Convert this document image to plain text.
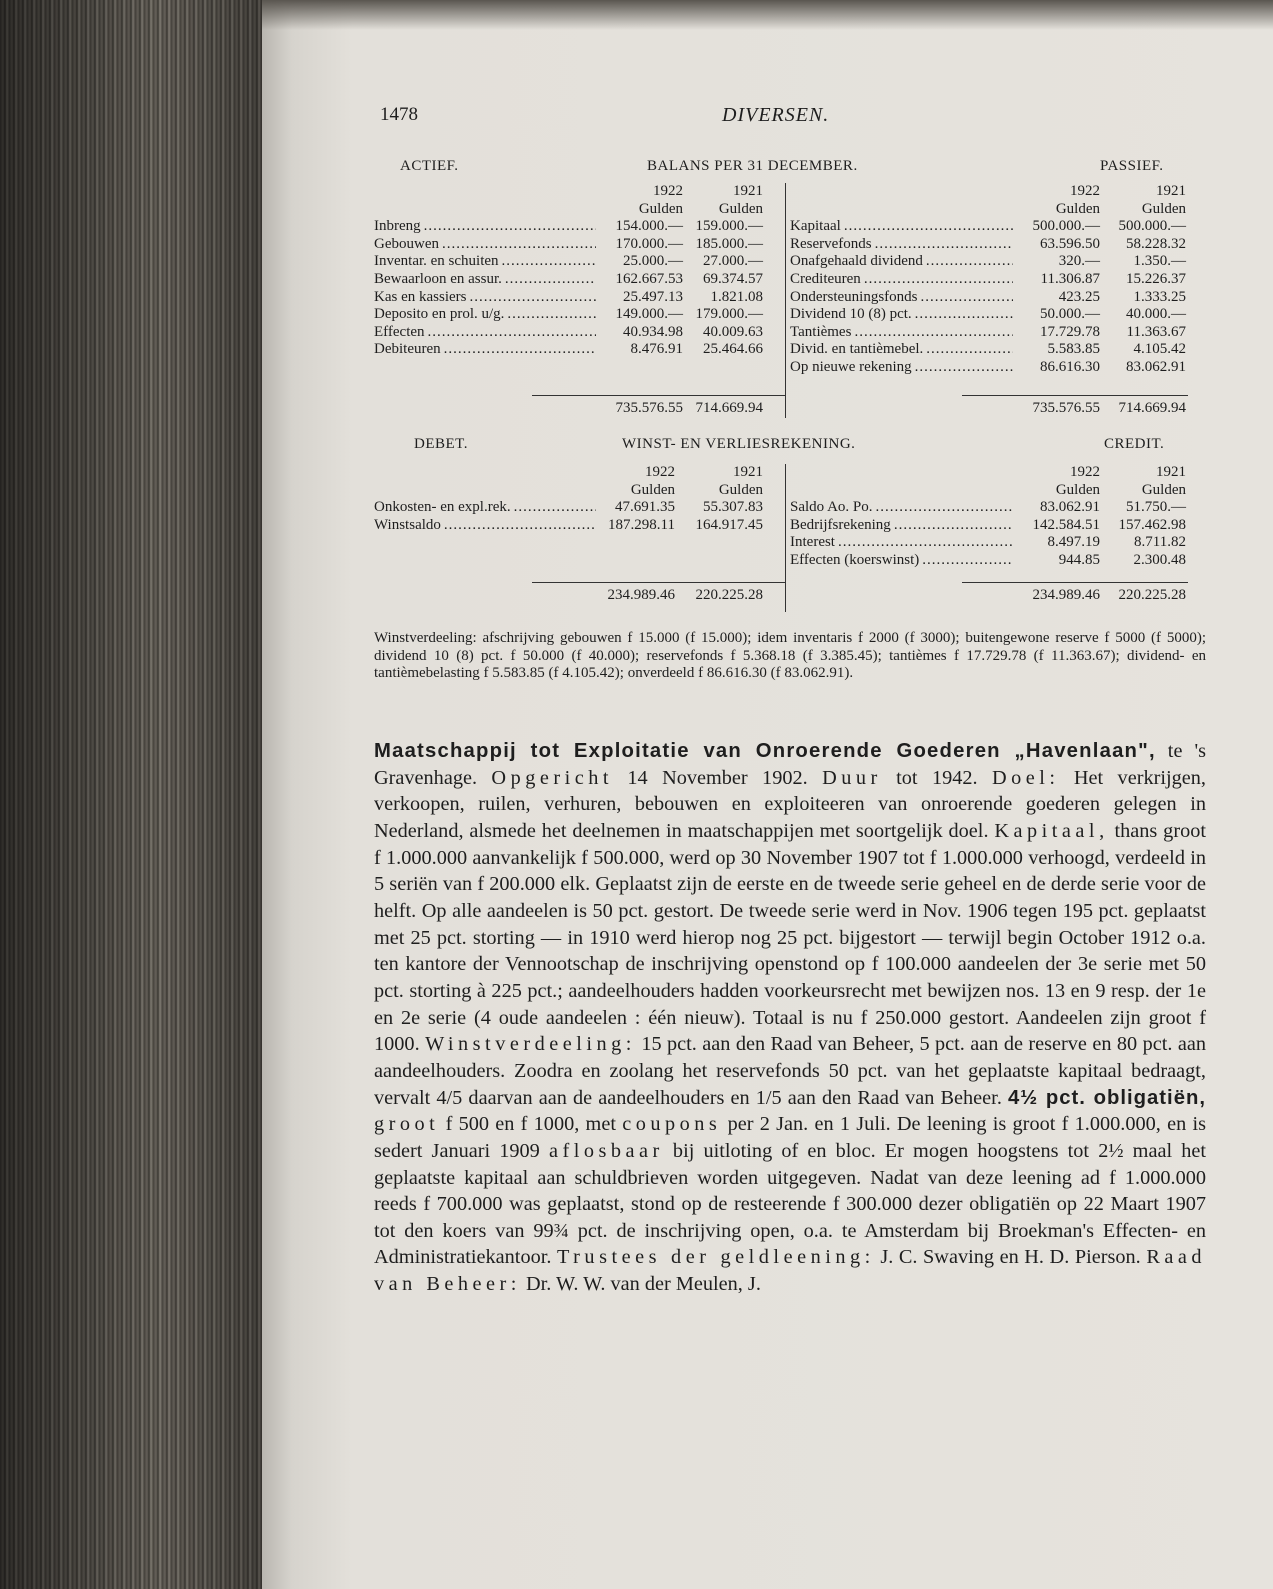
1478	DIVERSEN.
ACTIEF.	BALANS PER 31 DECEMBER.	PASSIEF.
1922	1921
Gulden	Gulden
Inbreng .....	154.000.— 159.000.—
Gebouwen .....	170.000.— 185.000.—
Inventar. en schuiten .....	25.000.—	27.000.—
Bewaarloon en assur. .....	162.667.53	69.374.57
Kas en kassiers .....	25.497.13	1.821.08
Deposito en prol. u/g. .....	149.000.— 179.000.—
Effecten .....	40.934.98	40.009.63
Debiteuren .....	8.476.91	25.464.66
1922	1921
Gulden	Gulden
Kapitaal .....	500.000.—	500.000.—
Reservefonds .....	63.596.50	58.228.32
Onafgehaald dividend .....	320.—	1.350.—
Crediteuren .....	11.306.87	15.226.37
Ondersteuningsfonds .....	423.25	1.333.25
Dividend 10 (8) pct. .....	50.000.—	40.000.—
Tantièmes .....	17.729.78	11.363.67
Divid. en tantièmebel. .....	5.583.85	4.105.42
Op nieuwe rekening .....	86.616.30	83.062.91
735.576.55 714.669.94	735.576.55	714.669.94
DEBET.	WINST- EN VERLIESREKENING.	CREDIT.
1922	1921
Gulden	Gulden
Onkosten- en expl.rek. .....	47.691.35	55.307.83
Winstsaldo .....	187.298.11	164.917.45
1922	1921
Gulden	Gulden
Saldo Ao. Po. .....	83.062.91	51.750.—
Bedrijfsrekening .....	142.584.51	157.462.98
Interest .....	8.497.19	8.711.82
Effecten (koerswinst) .....	944.85	2.300.48
234.989.46	220.225.28	234.989.46	220.225.28
Winstverdeeling: afschrijving gebouwen f 15.000 (f 15.000); idem inventaris f 2000 (f 3000); buitengewone reserve f 5000 (f 5000); dividend 10 (8) pct. f 50.000 (f 40.000); reservefonds f 5.368.18 (f 3.385.45); tantièmes f 17.729.78 (f 11.363.67); dividend- en tantièmebelasting f 5.583.85 (f 4.105.42); onverdeeld f 86.616.30 (f 83.062.91).

Maatschappij tot Exploitatie van Onroerende Goederen „Havenlaan", te 's Gravenhage. Opgericht 14 November 1902. Duur tot 1942. Doel: Het verkrijgen, verkoopen, ruilen, verhuren, bebouwen en exploiteeren van onroerende goederen gelegen in Nederland, alsmede het deelnemen in maatschappijen met soortgelijk doel. Kapitaal, thans groot f 1.000.000 aanvankelijk f 500.000, werd op 30 November 1907 tot f 1.000.000 verhoogd, verdeeld in 5 seriën van f 200.000 elk. Geplaatst zijn de eerste en de tweede serie geheel en de derde serie voor de helft. Op alle aandeelen is 50 pct. gestort. De tweede serie werd in Nov. 1906 tegen 195 pct. geplaatst met 25 pct. storting — in 1910 werd hierop nog 25 pct. bijgestort — terwijl begin October 1912 o.a. ten kantore der Vennootschap de inschrijving openstond op f 100.000 aandeelen der 3e serie met 50 pct. storting à 225 pct.; aandeelhouders hadden voorkeursrecht met bewijzen nos. 13 en 9 resp. der 1e en 2e serie (4 oude aandeelen : één nieuw). Totaal is nu f 250.000 gestort. Aandeelen zijn groot f 1000. Winstverdeeling: 15 pct. aan den Raad van Beheer, 5 pct. aan de reserve en 80 pct. aan aandeelhouders. Zoodra en zoolang het reservefonds 50 pct. van het geplaatste kapitaal bedraagt, vervalt 4/5 daarvan aan de aandeelhouders en 1/5 aan den Raad van Beheer. 4½ pct. obligatiën, groot f 500 en f 1000, met coupons per 2 Jan. en 1 Juli. De leening is groot f 1.000.000, en is sedert Januari 1909 aflosbaar bij uitloting of en bloc. Er mogen hoogstens tot 2½ maal het geplaatste kapitaal aan schuldbrieven worden uitgegeven. Nadat van deze leening ad f 1.000.000 reeds f 700.000 was geplaatst, stond op de resteerende f 300.000 dezer obligatiën op 22 Maart 1907 tot den koers van 99¾ pct. de inschrijving open, o.a. te Amsterdam bij Broekman's Effecten- en Administratiekantoor. Trustees der geldleening: J. C. Swaving en H. D. Pierson. Raad van Beheer: Dr. W. W. van der Meulen, J.
